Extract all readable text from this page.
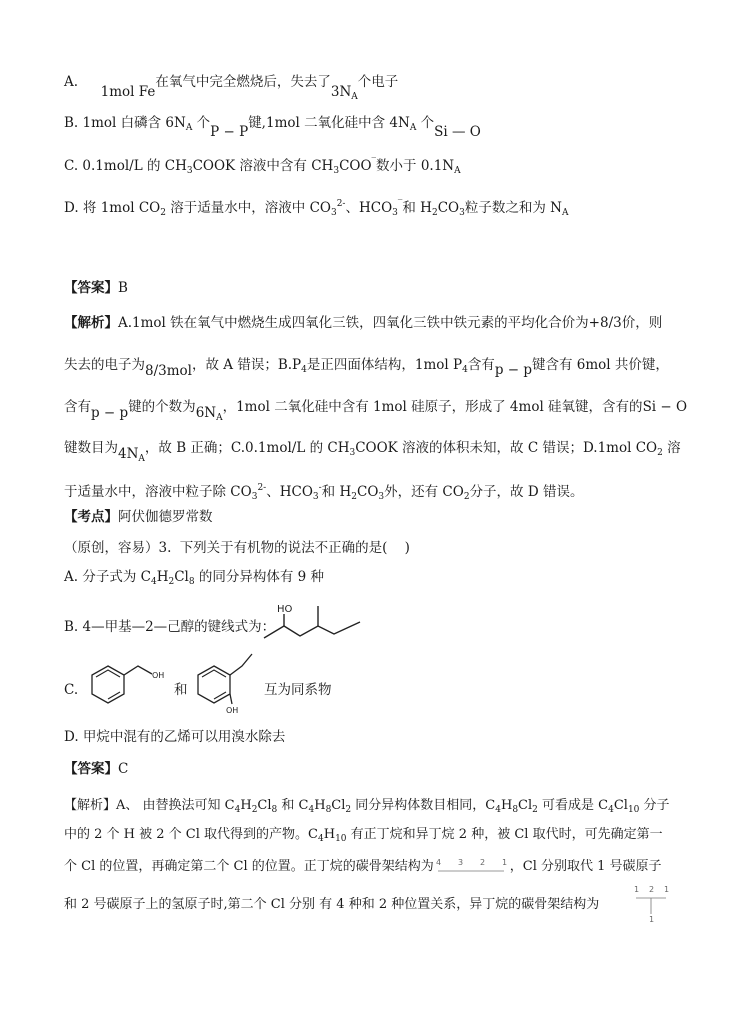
A.  1mol Fe在氧气中完全燃烧后，失去了$3N_A$个电子
B. 1mol 白磷含 $6N_A$ 个P − P键,1mol 二氧化硅中含 $4N_A$ 个Si — O
C. 0.1mol/L 的 $CH_3COOK$ 溶液中含有 $CH_3COO^‾$数小于 $0.1N_A$
D. 将 1mol $CO_2$ 溶于适量水中，溶液中 $CO_3^{2-}$、$HCO_3^‾$和 $H_2CO_3$粒子数之和为 $N_A$
【答案】B
【解析】A.1mol 铁在氧气中燃烧生成四氧化三铁，四氧化三铁中铁元素的平均化合价为+8/3价，则
失去的电子为8/3mol，故 A 错误；$B.P_4$是正四面体结构，1mol $P_4$含有p − p键含有 6mol 共价键，
含有p − p键的个数为$6N_A$，1mol 二氧化硅中含有 1mol 硅原子，形成了 4mol 硅氧键，含有的Si − O
键数目为$4N_A$，故 B 正确；C.0.1mol/L 的 $CH_3COOK$ 溶液的体积未知，故 C 错误；D.1mol $CO_2$ 溶
于适量水中，溶液中粒子除 $CO_3^{2-}$、$HCO_3^-$和 $H_2CO_3$外，还有 $CO_2$分子，故 D 错误。
【考点】阿伏伽德罗常数
（原创，容易）3. 下列关于有机物的说法不正确的是(    )
A. 分子式为 $C_4H_2Cl_8$ 的同分异构体有 9 种
B. 4—甲基—2—己醇的键线式为：
HO
C.
OH
和
OH
互为同系物
D. 甲烷中混有的乙烯可以用溴水除去
【答案】C
【解析】A、 由替换法可知 $C_4H_2Cl_8$ 和 $C_4H_8Cl_2$ 同分异构体数目相同，$C_4H_8Cl_2$ 可看成是 $C_4Cl_{10}$ 分子
中的 2 个 H 被 2 个 Cl 取代得到的产物。$C_4H_{10}$ 有正丁烷和异丁烷 2 种，被 Cl 取代时，可先确定第一
个 Cl 的位置，再确定第二个 Cl 的位置。正丁烷的碳骨架结构为 4 3 2 1 ，Cl 分别取代 1 号碳原子
和 2 号碳原子上的氢原子时,第二个 Cl 分别 有 4 种和 2 种位置关系，异丁烷的碳骨架结构为
1 2 1
1
